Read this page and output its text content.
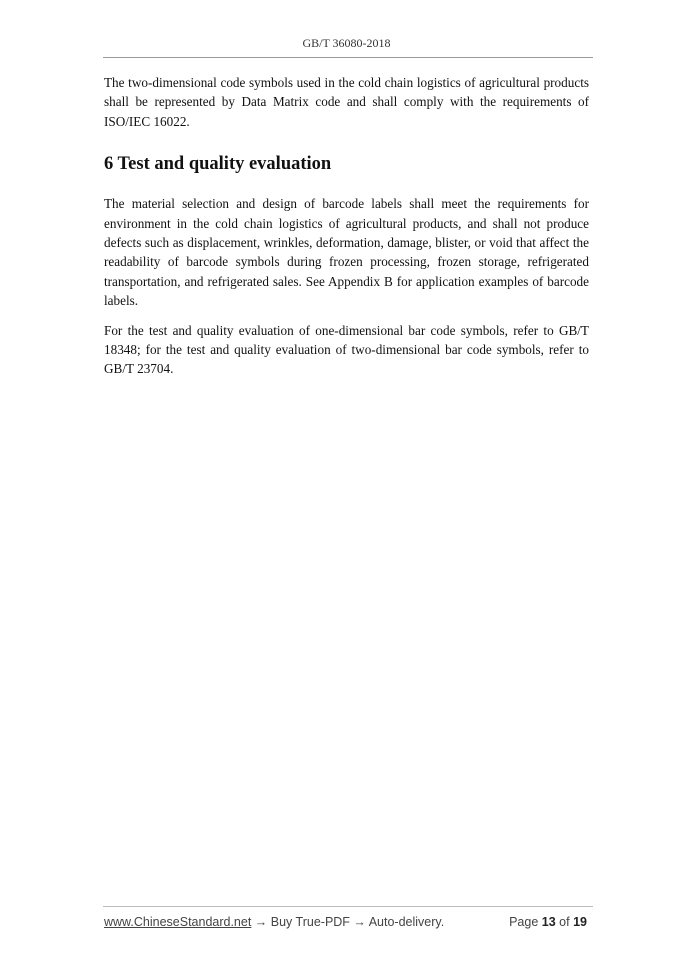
GB/T 36080-2018

The two-dimensional code symbols used in the cold chain logistics of agricultural products shall be represented by Data Matrix code and shall comply with the requirements of ISO/IEC 16022.

6 Test and quality evaluation

The material selection and design of barcode labels shall meet the requirements for environment in the cold chain logistics of agricultural products, and shall not produce defects such as displacement, wrinkles, deformation, damage, blister, or void that affect the readability of barcode symbols during frozen processing, frozen storage, refrigerated transportation, and refrigerated sales. See Appendix B for application examples of barcode labels.

For the test and quality evaluation of one-dimensional bar code symbols, refer to GB/T 18348; for the test and quality evaluation of two-dimensional bar code symbols, refer to GB/T 23704.

www.ChineseStandard.net → Buy True-PDF → Auto-delivery.	Page 13 of 19
